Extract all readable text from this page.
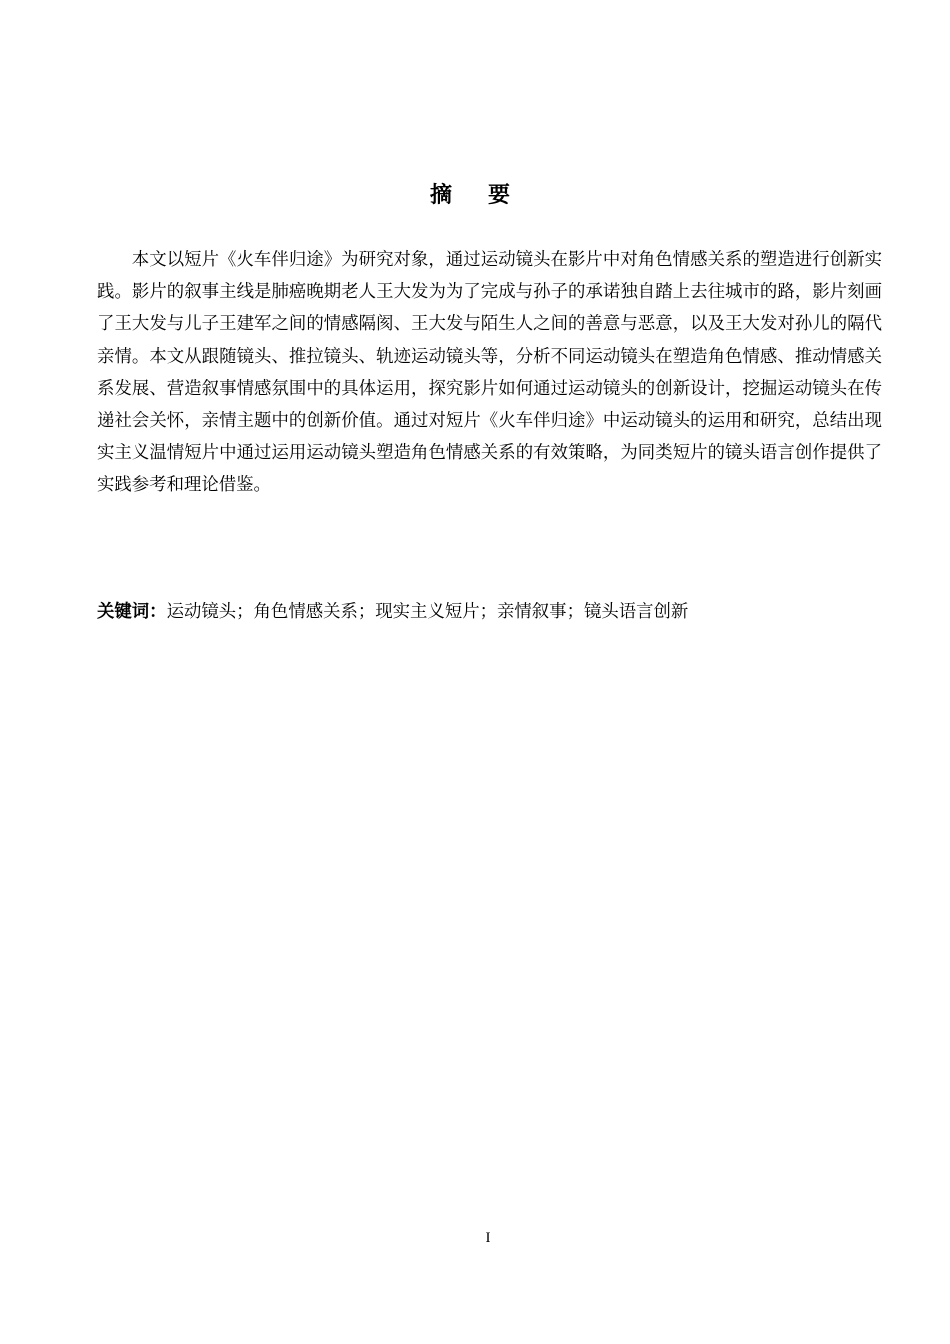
摘要

本文以短片《火车伴归途》为研究对象，通过运动镜头在影片中对角色情感关系的塑造进行创新实践。影片的叙事主线是肺癌晚期老人王大发为为了完成与孙子的承诺独自踏上去往城市的路，影片刻画了王大发与儿子王建军之间的情感隔阂、王大发与陌生人之间的善意与恶意，以及王大发对孙儿的隔代亲情。本文从跟随镜头、推拉镜头、轨迹运动镜头等，分析不同运动镜头在塑造角色情感、推动情感关系发展、营造叙事情感氛围中的具体运用，探究影片如何通过运动镜头的创新设计，挖掘运动镜头在传递社会关怀，亲情主题中的创新价值。通过对短片《火车伴归途》中运动镜头的运用和研究，总结出现实主义温情短片中通过运用运动镜头塑造角色情感关系的有效策略，为同类短片的镜头语言创作提供了实践参考和理论借鉴。

关键词：运动镜头；角色情感关系；现实主义短片；亲情叙事；镜头语言创新

I
